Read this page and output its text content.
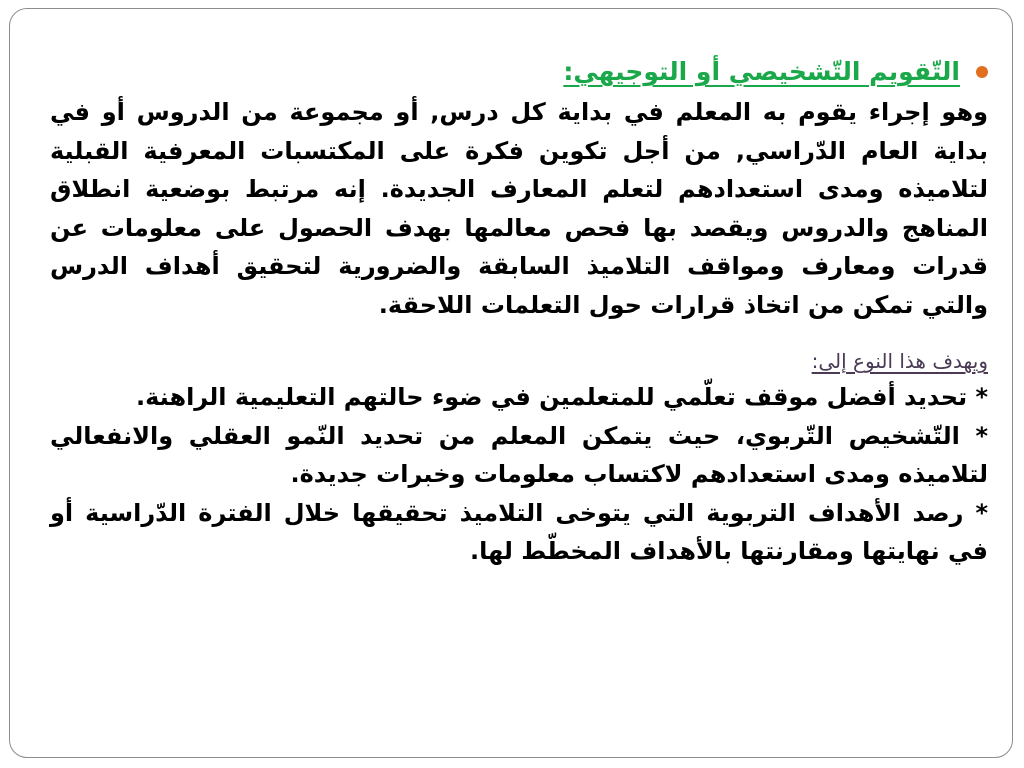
التّقويم التّشخيصي أو التوجيهي:

وهو إجراء يقوم به المعلم في بداية كل درس, أو مجموعة من الدروس أو في بداية العام الدّراسي, من أجل تكوين فكرة على المكتسبات المعرفية القبلية لتلاميذه ومدى استعدادهم لتعلم المعارف الجديدة. إنه مرتبط بوضعية انطلاق المناهج والدروس ويقصد بها فحص معالمها بهدف الحصول على معلومات عن قدرات ومعارف ومواقف التلاميذ السابقة والضرورية لتحقيق أهداف الدرس والتي تمكن من اتخاذ قرارات حول التعلمات اللاحقة.

ويهدف هذا النوع إلى:

* تحديد أفضل موقف تعلّمي للمتعلمين في ضوء حالتهم التعليمية الراهنة.
* التّشخيص التّربوي، حيث يتمكن المعلم من تحديد النّمو العقلي والانفعالي لتلاميذه ومدى استعدادهم لاكتساب معلومات وخبرات جديدة.
* رصد الأهداف التربوية التي يتوخى التلاميذ تحقيقها خلال الفترة الدّراسية أو في نهايتها ومقارنتها بالأهداف المخطّط لها.
